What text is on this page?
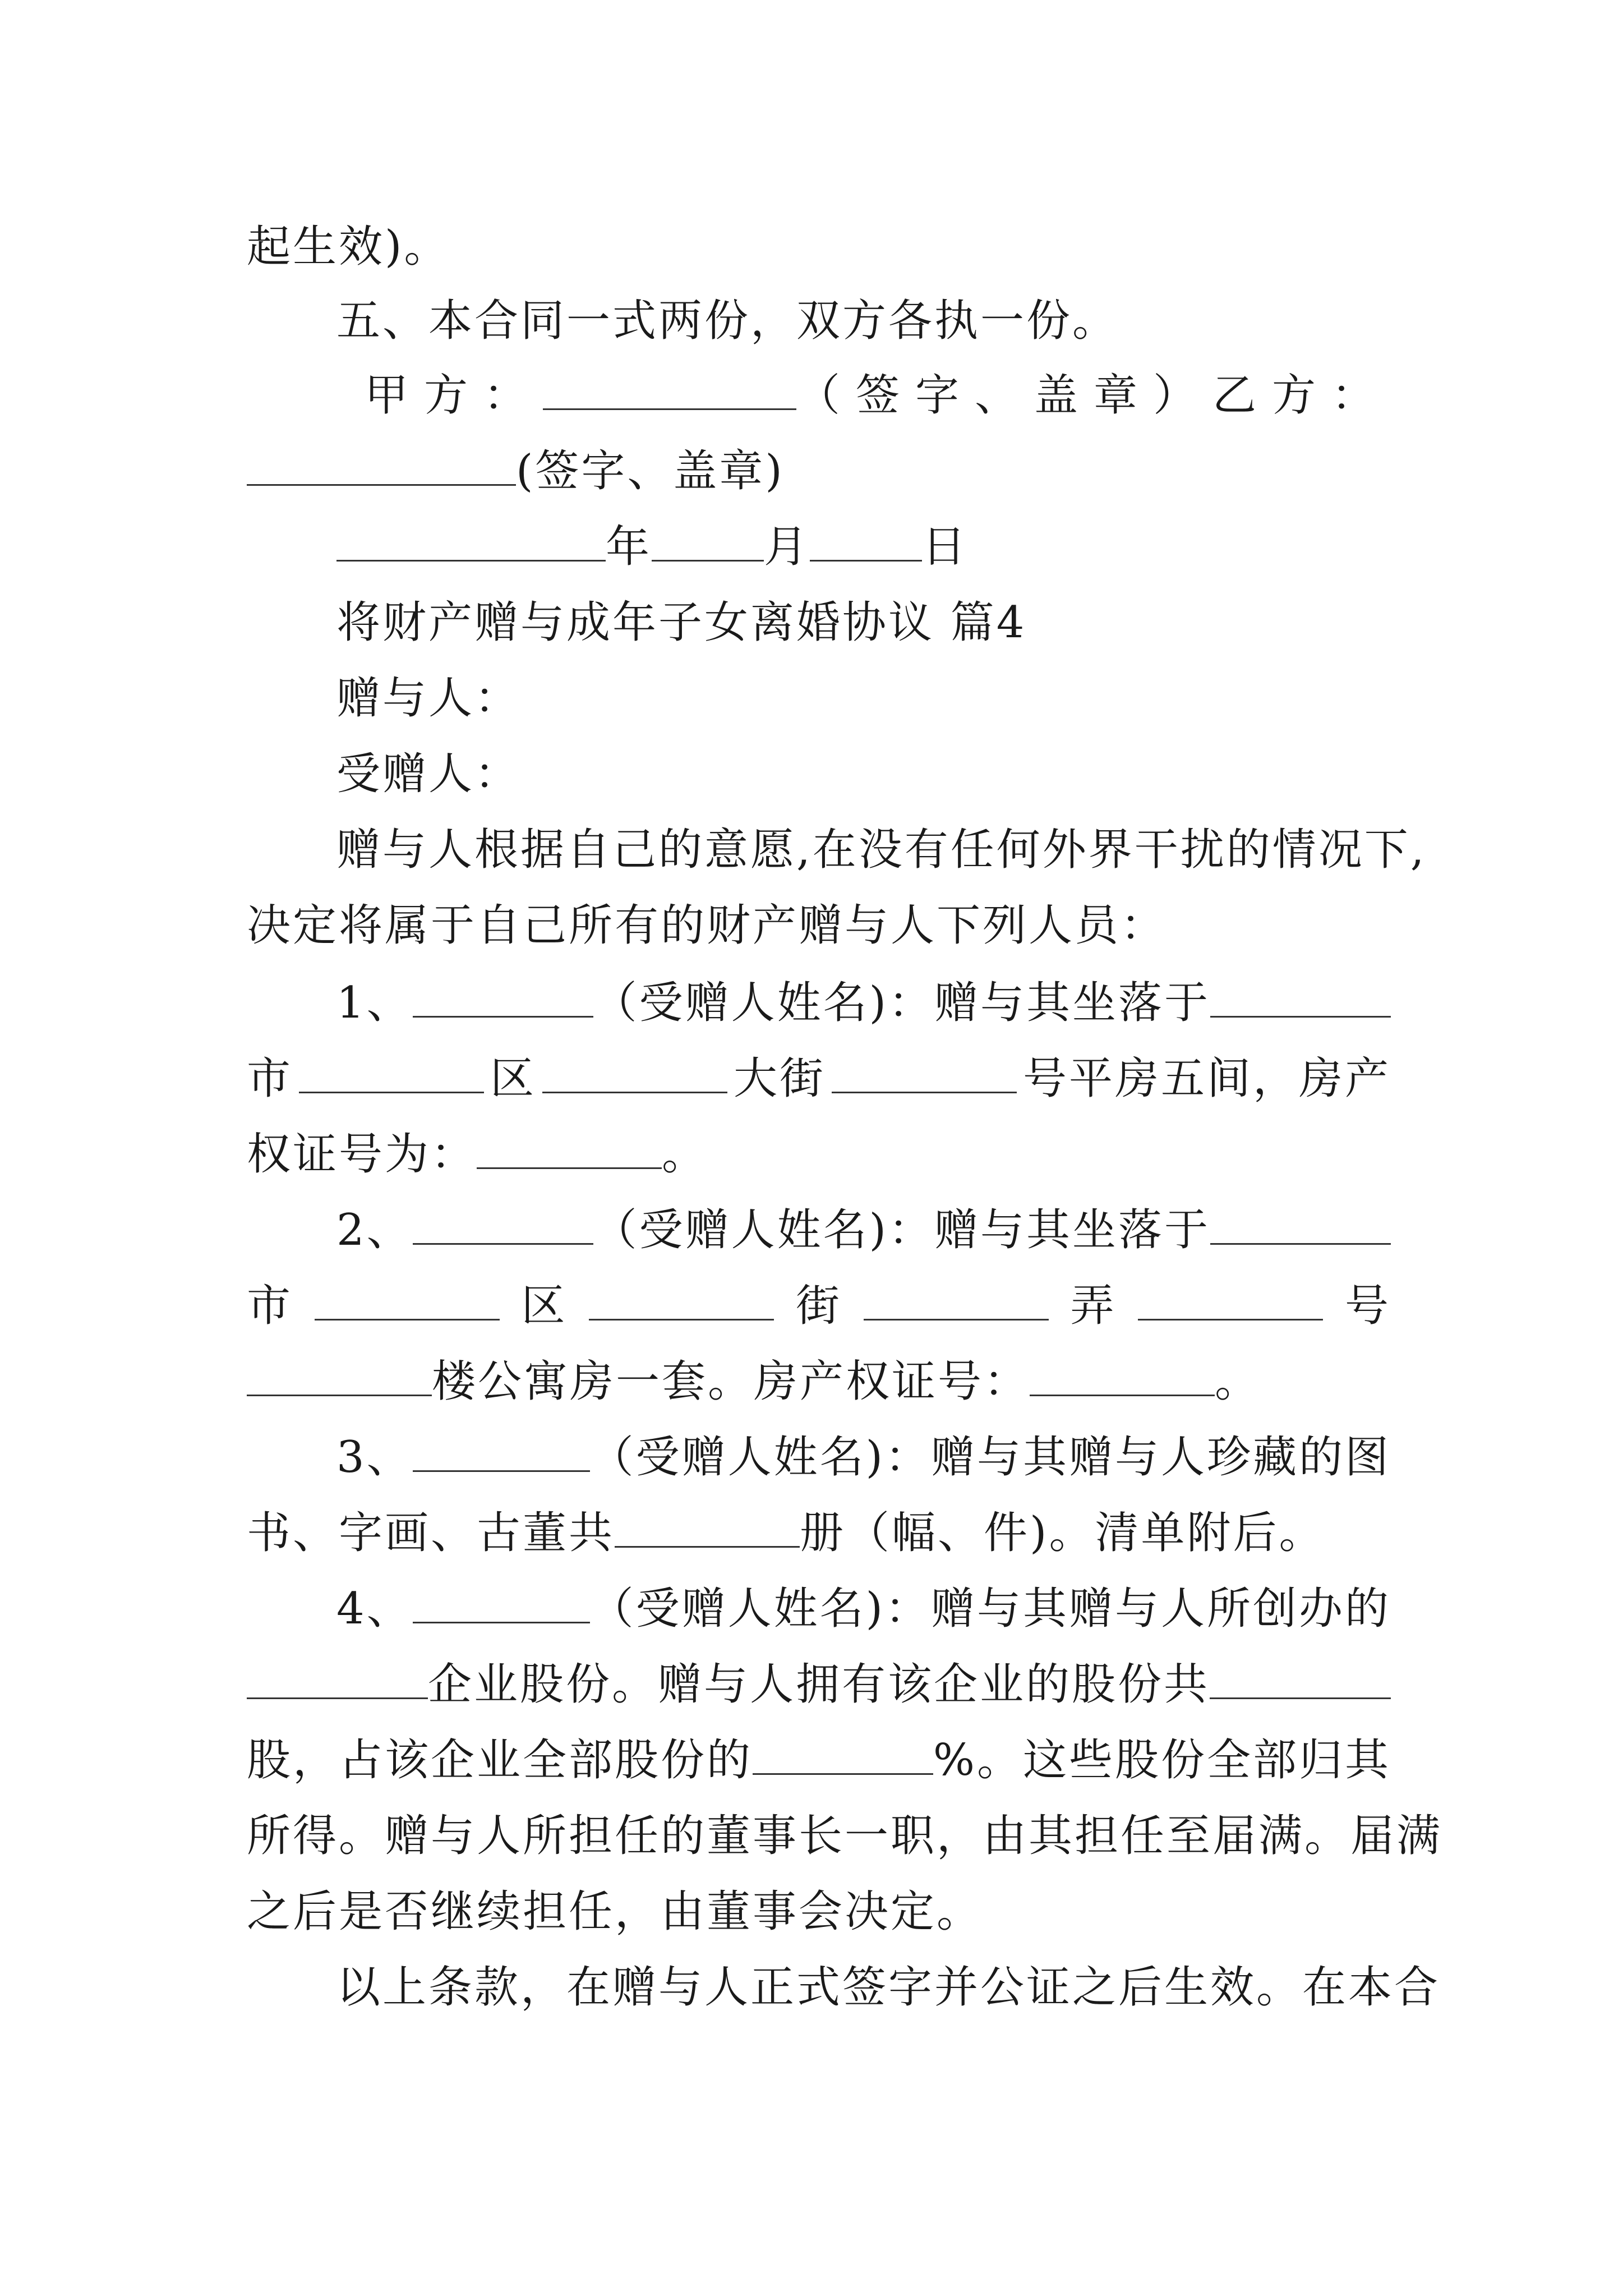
起生效)。
五、本合同一式两份，双方各执一份。
甲方：	（签字、盖章） 乙方：
(签字、盖章)
年	月	日
将财产赠与成年子女离婚协议 篇4
赠与人：
受赠人：
赠与人根据自己的意愿,在没有任何外界干扰的情况下,
决定将属于自己所有的财产赠与人下列人员：
1、	（受赠人姓名)：赠与其坐落于
市	区	大街	号平房五间，房产
权证号为：	。
2、	（受赠人姓名)：赠与其坐落于
市	区	街	弄	号
楼公寓房一套。房产权证号：	。
3、	（受赠人姓名)：赠与其赠与人珍藏的图
书、字画、古董共	册（幅、件)。清单附后。
4、	（受赠人姓名)：赠与其赠与人所创办的
企业股份。赠与人拥有该企业的股份共
股，占该企业全部股份的	%。这些股份全部归其
所得。赠与人所担任的董事长一职，由其担任至届满。届满
之后是否继续担任，由董事会决定。
以上条款，在赠与人正式签字并公证之后生效。在本合
